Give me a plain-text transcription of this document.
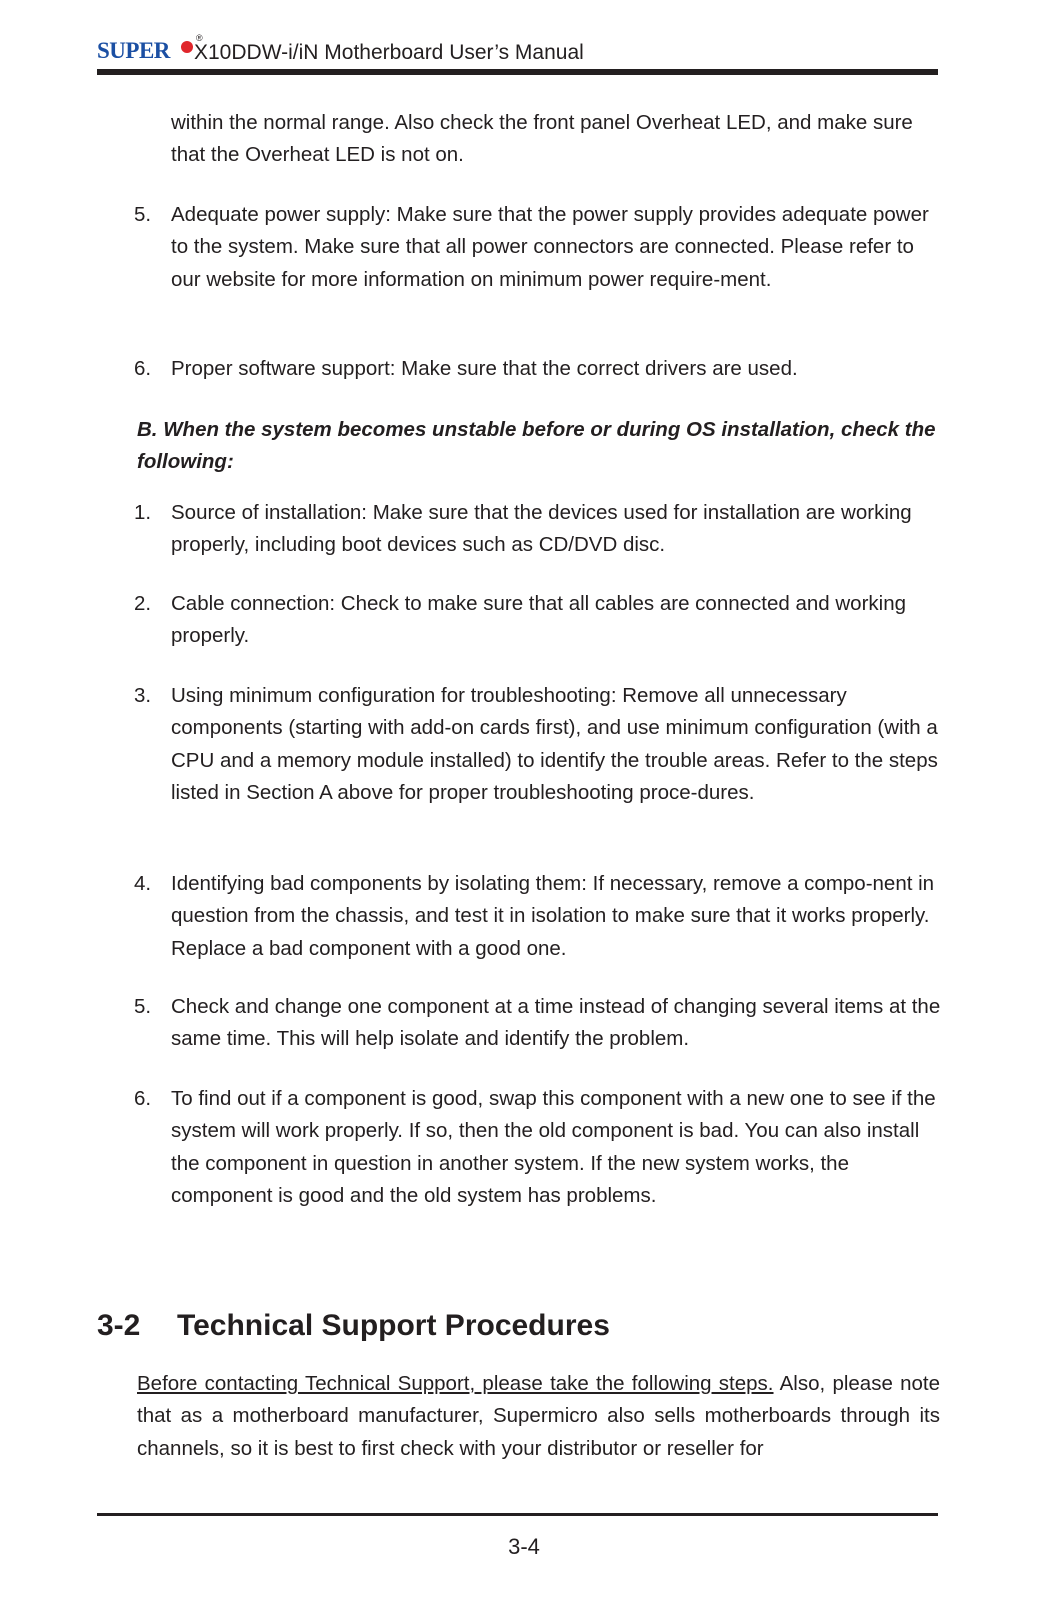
SUPER	®
X10DDW-i/iN Motherboard User’s Manual
within the normal range. Also check the front panel Overheat LED, and make sure that the Overheat LED is not on.
5. Adequate power supply: Make sure that the power supply provides adequate power to the system. Make sure that all power connectors are connected. Please refer to our website for more information on minimum power require-ment.
6. Proper software support: Make sure that the correct drivers are used.
B. When the system becomes unstable before or during OS installation, check the following:
1. Source of installation: Make sure that the devices used for installation are working properly, including boot devices such as CD/DVD disc.
2. Cable connection: Check to make sure that all cables are connected and working properly.
3. Using minimum configuration for troubleshooting: Remove all unnecessary components (starting with add-on cards first), and use minimum configuration (with a CPU and a memory module installed) to identify the trouble areas. Refer to the steps listed in Section A above for proper troubleshooting proce-dures.
4. Identifying bad components by isolating them: If necessary, remove a compo-nent in question from the chassis, and test it in isolation to make sure that it works properly. Replace a bad component with a good one.
5. Check and change one component at a time instead of changing several items at the same time. This will help isolate and identify the problem.
6. To find out if a component is good, swap this component with a new one to see if the system will work properly. If so, then the old component is bad. You can also install the component in question in another system. If the new system works, the component is good and the old system has problems.
3-2 Technical Support Procedures
Before contacting Technical Support, please take the following steps. Also, please note that as a motherboard manufacturer, Supermicro also sells motherboards through its channels, so it is best to first check with your distributor or reseller for
3-4
